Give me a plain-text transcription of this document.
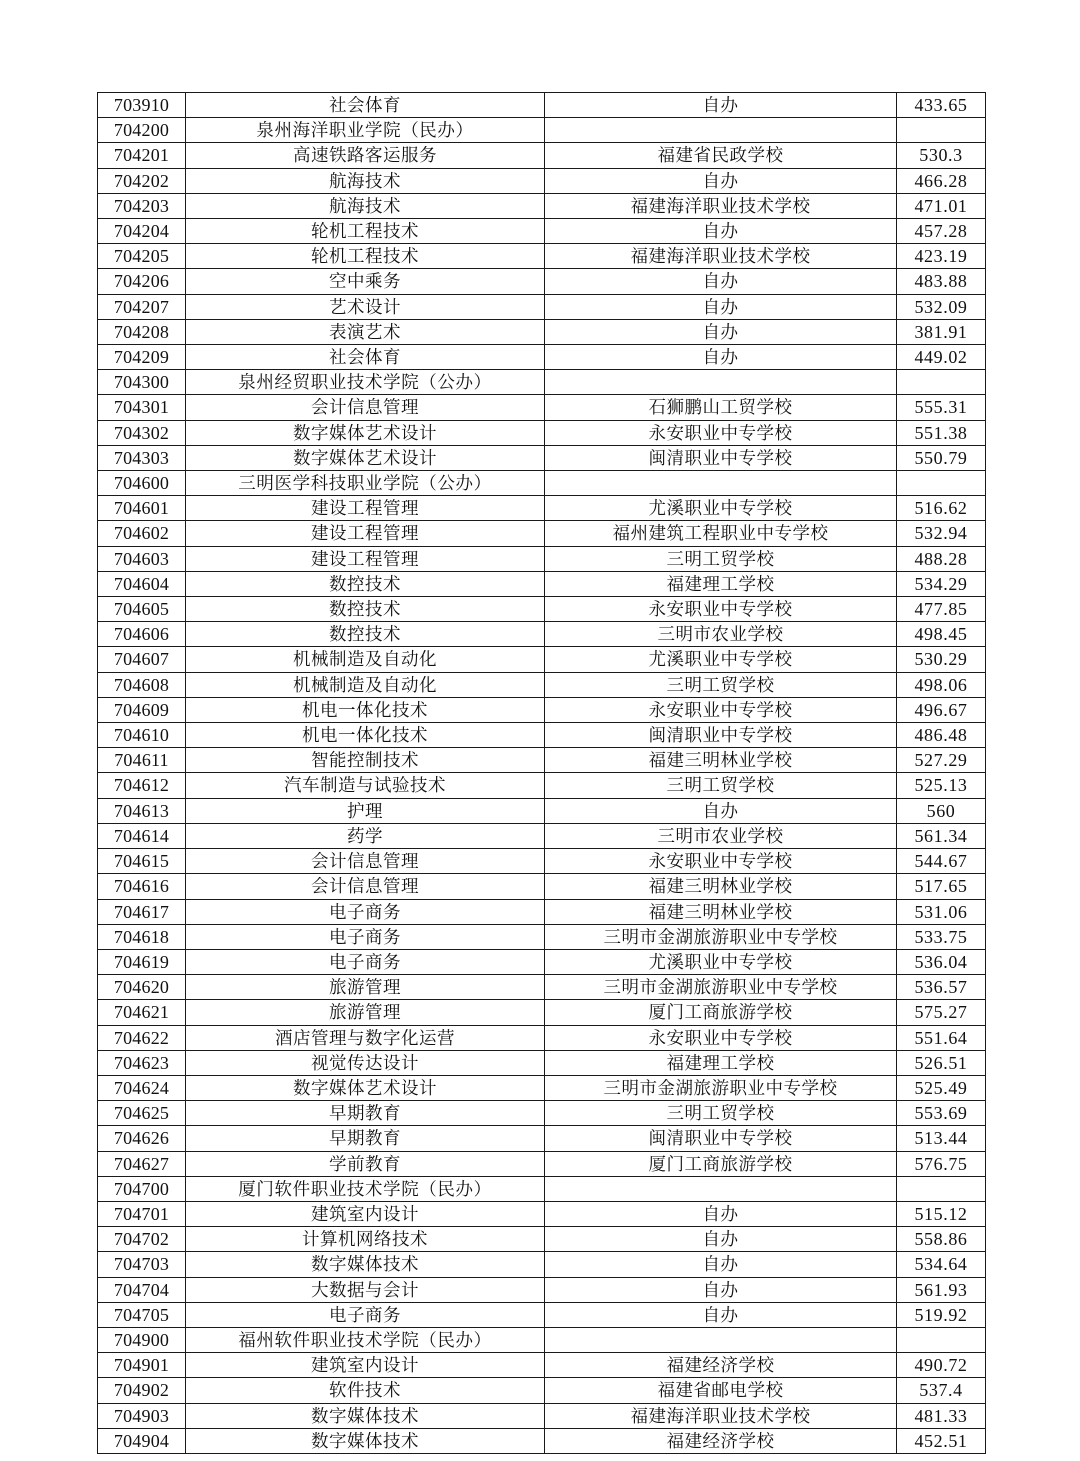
703910	社会体育	自办	433.65
704200	泉州海洋职业学院（民办）		
704201	高速铁路客运服务	福建省民政学校	530.3
704202	航海技术	自办	466.28
704203	航海技术	福建海洋职业技术学校	471.01
704204	轮机工程技术	自办	457.28
704205	轮机工程技术	福建海洋职业技术学校	423.19
704206	空中乘务	自办	483.88
704207	艺术设计	自办	532.09
704208	表演艺术	自办	381.91
704209	社会体育	自办	449.02
704300	泉州经贸职业技术学院（公办）		
704301	会计信息管理	石狮鹏山工贸学校	555.31
704302	数字媒体艺术设计	永安职业中专学校	551.38
704303	数字媒体艺术设计	闽清职业中专学校	550.79
704600	三明医学科技职业学院（公办）		
704601	建设工程管理	尤溪职业中专学校	516.62
704602	建设工程管理	福州建筑工程职业中专学校	532.94
704603	建设工程管理	三明工贸学校	488.28
704604	数控技术	福建理工学校	534.29
704605	数控技术	永安职业中专学校	477.85
704606	数控技术	三明市农业学校	498.45
704607	机械制造及自动化	尤溪职业中专学校	530.29
704608	机械制造及自动化	三明工贸学校	498.06
704609	机电一体化技术	永安职业中专学校	496.67
704610	机电一体化技术	闽清职业中专学校	486.48
704611	智能控制技术	福建三明林业学校	527.29
704612	汽车制造与试验技术	三明工贸学校	525.13
704613	护理	自办	560
704614	药学	三明市农业学校	561.34
704615	会计信息管理	永安职业中专学校	544.67
704616	会计信息管理	福建三明林业学校	517.65
704617	电子商务	福建三明林业学校	531.06
704618	电子商务	三明市金湖旅游职业中专学校	533.75
704619	电子商务	尤溪职业中专学校	536.04
704620	旅游管理	三明市金湖旅游职业中专学校	536.57
704621	旅游管理	厦门工商旅游学校	575.27
704622	酒店管理与数字化运营	永安职业中专学校	551.64
704623	视觉传达设计	福建理工学校	526.51
704624	数字媒体艺术设计	三明市金湖旅游职业中专学校	525.49
704625	早期教育	三明工贸学校	553.69
704626	早期教育	闽清职业中专学校	513.44
704627	学前教育	厦门工商旅游学校	576.75
704700	厦门软件职业技术学院（民办）		
704701	建筑室内设计	自办	515.12
704702	计算机网络技术	自办	558.86
704703	数字媒体技术	自办	534.64
704704	大数据与会计	自办	561.93
704705	电子商务	自办	519.92
704900	福州软件职业技术学院（民办）		
704901	建筑室内设计	福建经济学校	490.72
704902	软件技术	福建省邮电学校	537.4
704903	数字媒体技术	福建海洋职业技术学校	481.33
704904	数字媒体技术	福建经济学校	452.51
